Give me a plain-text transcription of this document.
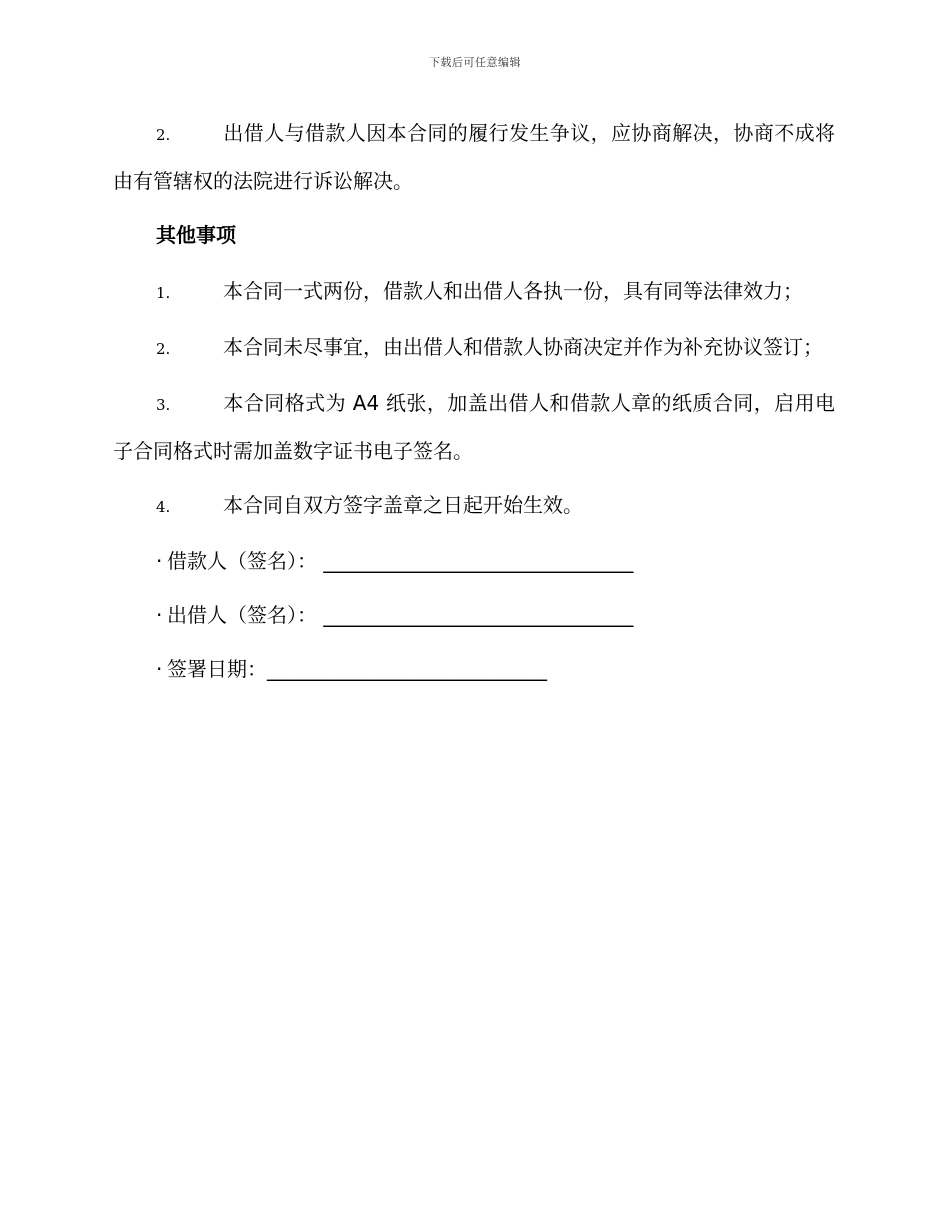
下载后可任意编辑

2.	出借人与借款人因本合同的履行发生争议，应协商解决，协商不成将由有管辖权的法院进行诉讼解决。

其他事项

1.	本合同一式两份，借款人和出借人各执一份，具有同等法律效力；

2.	本合同未尽事宜，由出借人和借款人协商决定并作为补充协议签订；

3.	本合同格式为 A4 纸张，加盖出借人和借款人章的纸质合同，启用电子合同格式时需加盖数字证书电子签名。

4.	本合同自双方签字盖章之日起开始生效。

· 借款人（签名）： _______________________________
· 出借人（签名）： _______________________________
· 签署日期：____________________________
